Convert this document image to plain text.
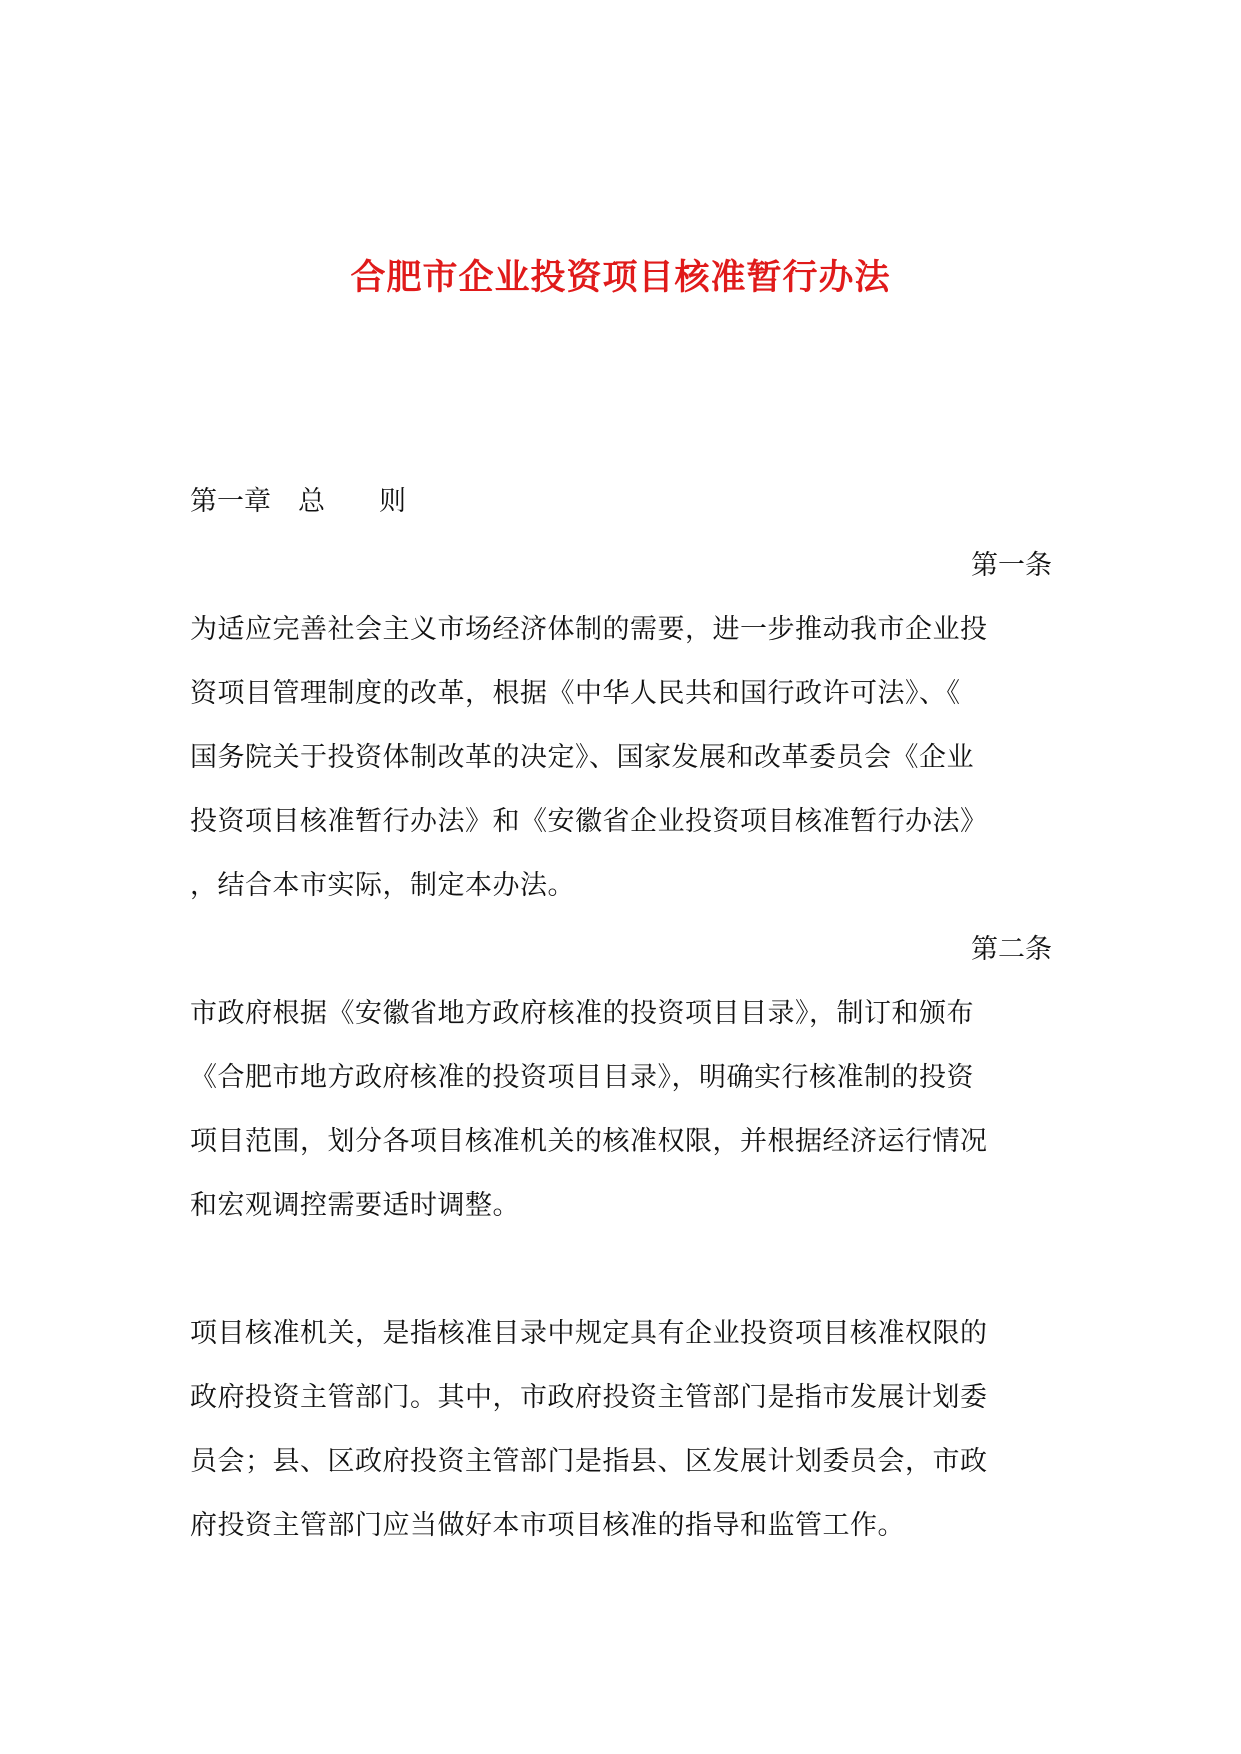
合肥市企业投资项目核准暂行办法
第一章　总　　则
第一条
为适应完善社会主义市场经济体制的需要，进一步推动我市企业投
资项目管理制度的改革，根据《中华人民共和国行政许可法》、《
国务院关于投资体制改革的决定》、国家发展和改革委员会《企业
投资项目核准暂行办法》和《安徽省企业投资项目核准暂行办法》
，结合本市实际，制定本办法。
第二条
市政府根据《安徽省地方政府核准的投资项目目录》，制订和颁布
《合肥市地方政府核准的投资项目目录》，明确实行核准制的投资
项目范围，划分各项目核准机关的核准权限，并根据经济运行情况
和宏观调控需要适时调整。
项目核准机关，是指核准目录中规定具有企业投资项目核准权限的
政府投资主管部门。其中，市政府投资主管部门是指市发展计划委
员会；县、区政府投资主管部门是指县、区发展计划委员会，市政
府投资主管部门应当做好本市项目核准的指导和监管工作。
